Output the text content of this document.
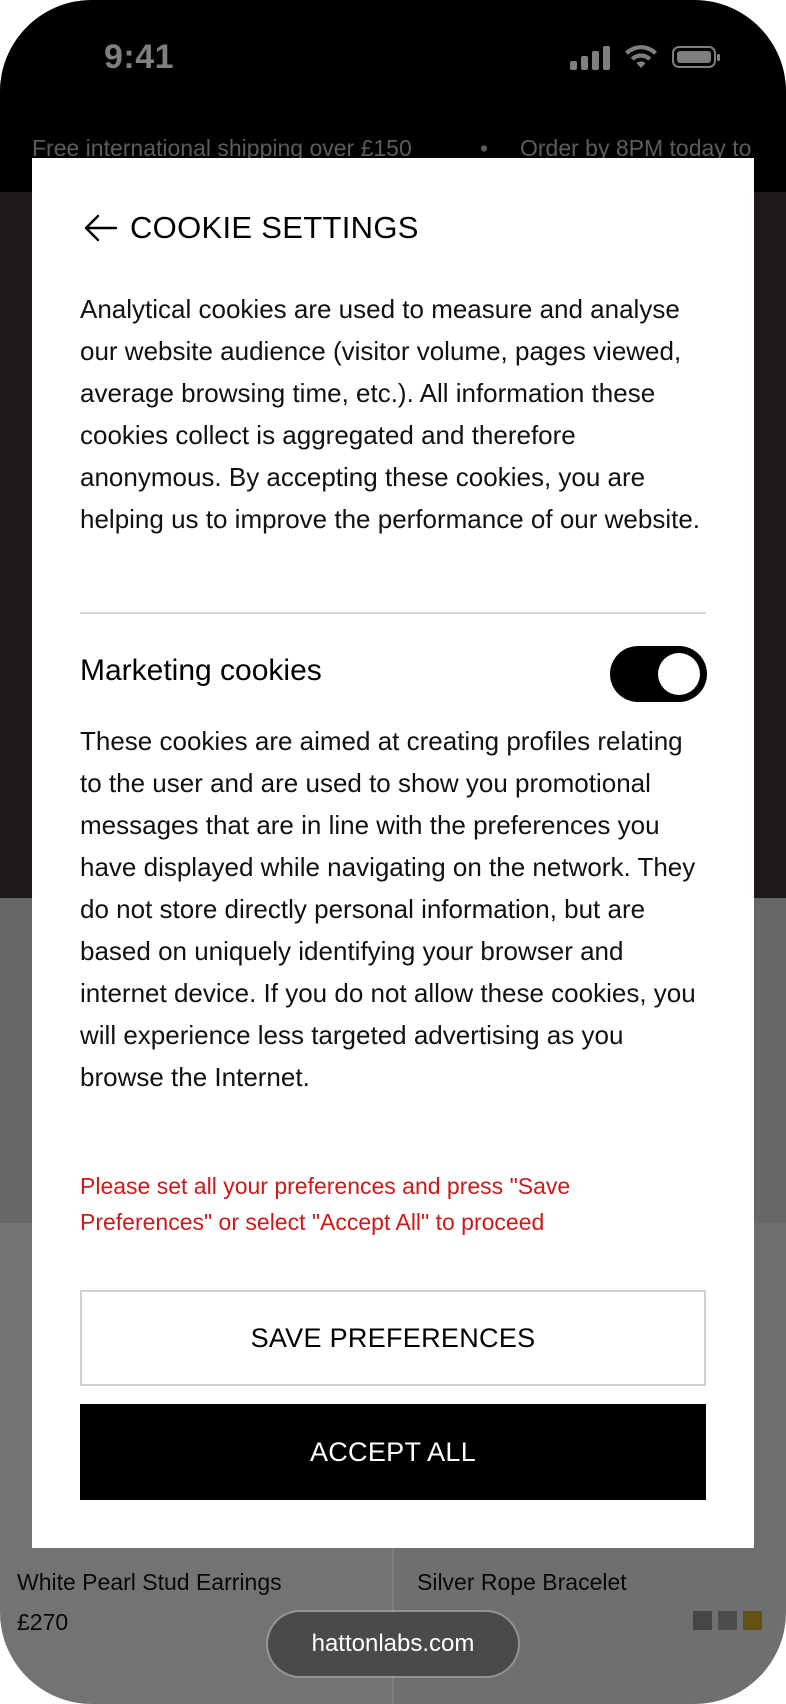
COOKIE SETTINGS
Analytical cookies are used to measure and analyse our website audience (visitor volume, pages viewed, average browsing time, etc.). All information these cookies collect is aggregated and therefore anonymous. By accepting these cookies, you are helping us to improve the performance of our website.
Marketing cookies
These cookies are aimed at creating profiles relating to the user and are used to show you promotional messages that are in line with the preferences you have displayed while navigating on the network. They do not store directly personal information, but are based on uniquely identifying your browser and internet device. If you do not allow these cookies, you will experience less targeted advertising as you browse the Internet.
Please set all your preferences and press "Save Preferences" or select "Accept All" to proceed
SAVE PREFERENCES
ACCEPT ALL
hattonlabs.com
